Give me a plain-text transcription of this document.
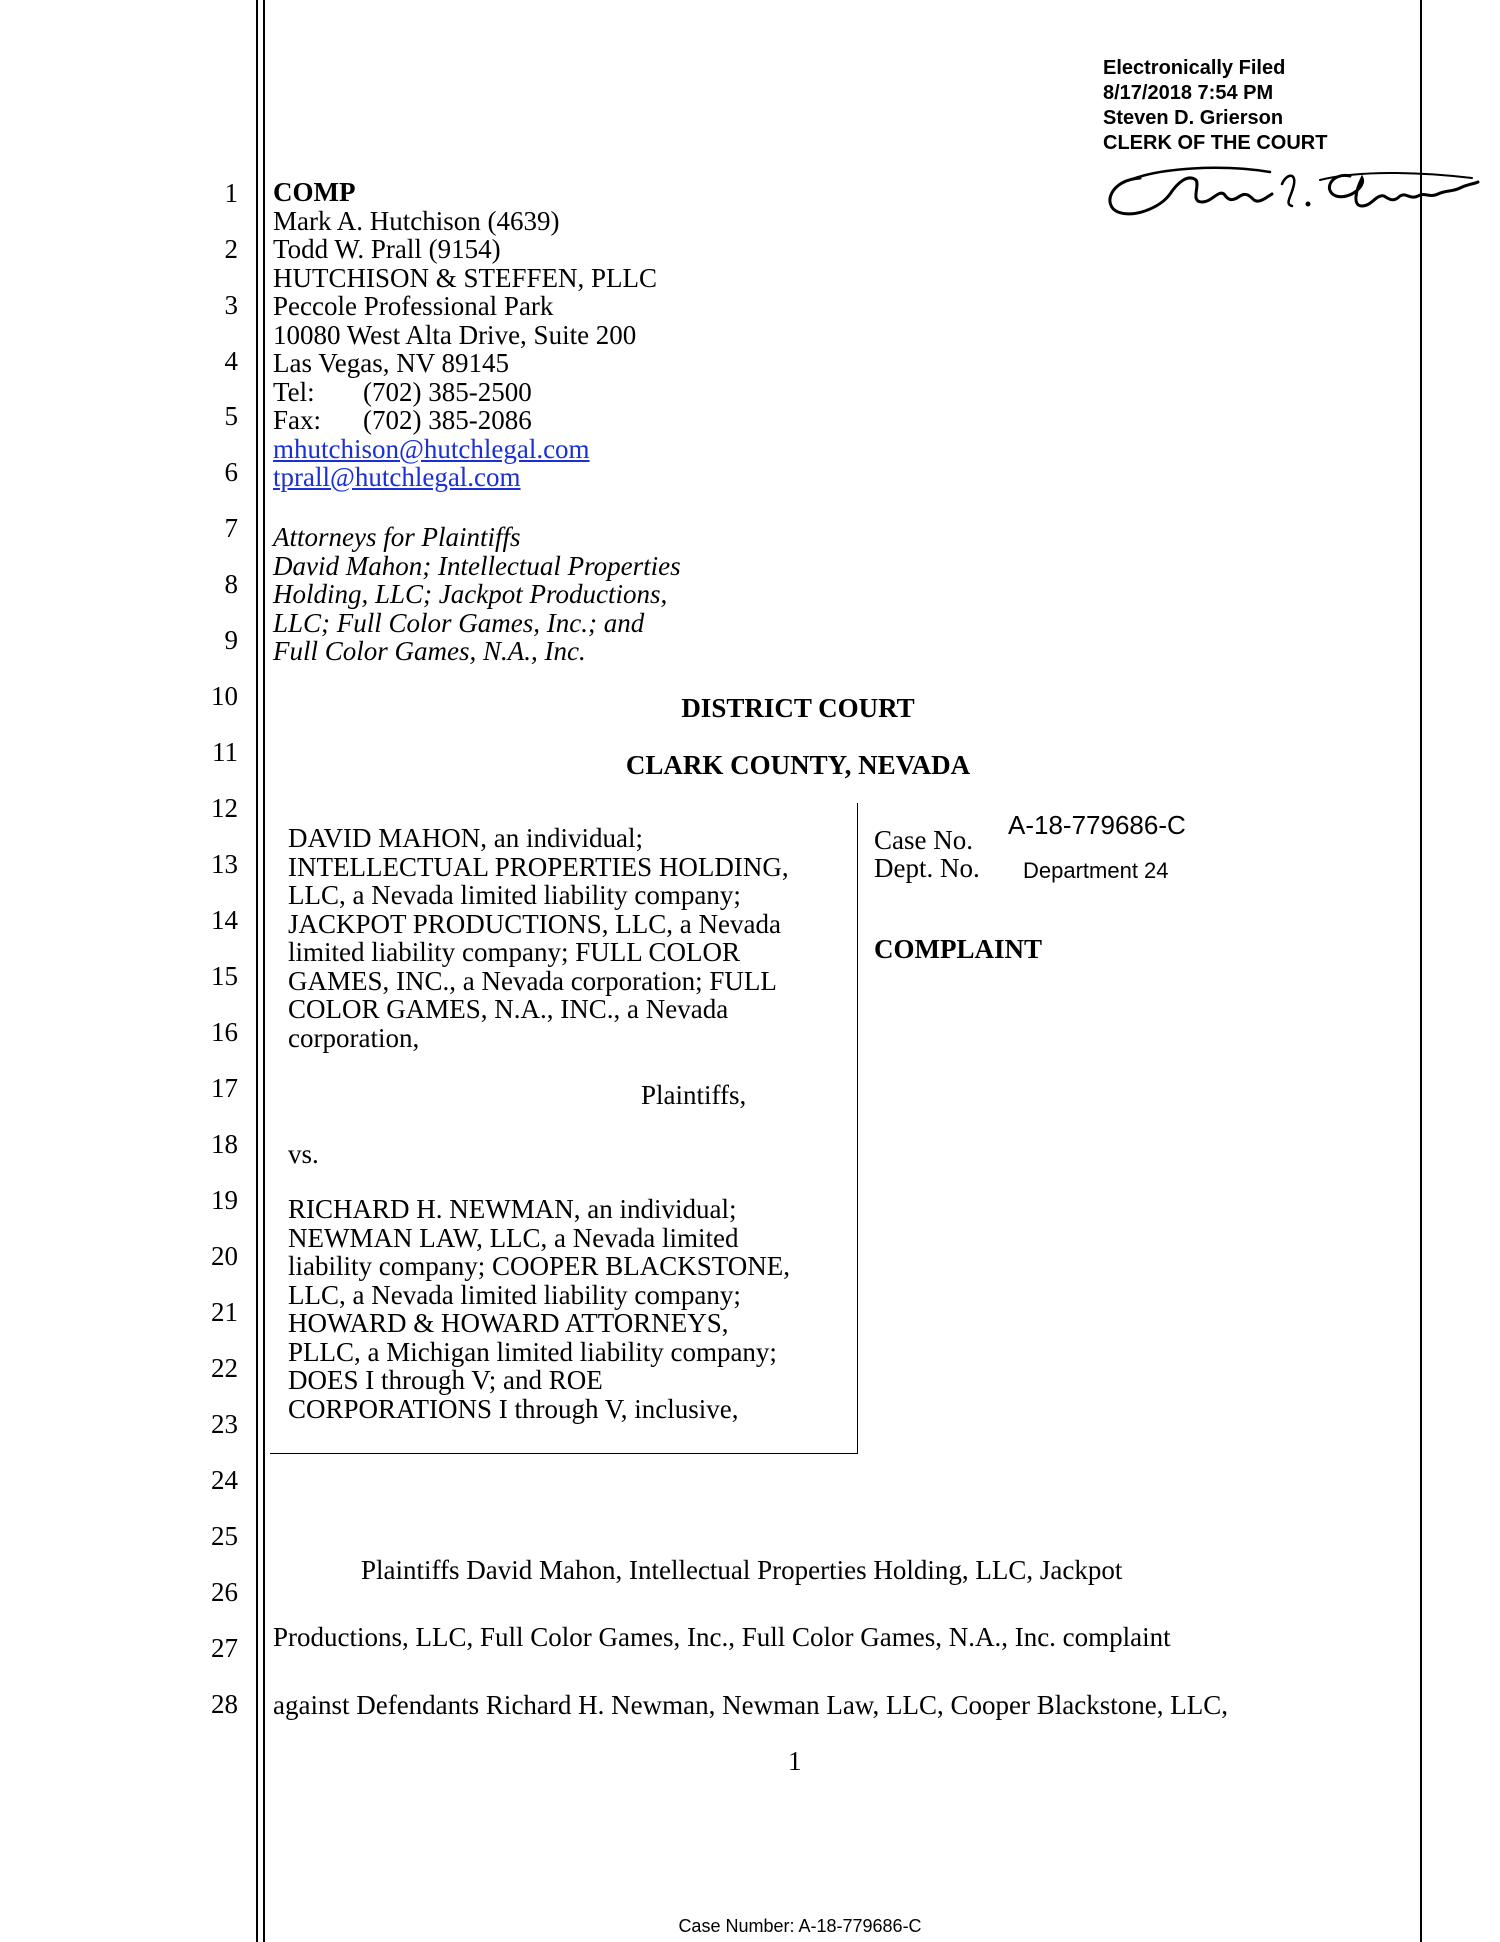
1
2
3
4
5
6
7
8
9
10
11
12
13
14
15
16
17
18
19
20
21
22
23
24
25
26
27
28
Electronically Filed
8/17/2018 7:54 PM
Steven D. Grierson
CLERK OF THE COURT
COMP
Mark A. Hutchison (4639)
Todd W. Prall (9154)
HUTCHISON & STEFFEN, PLLC
Peccole Professional Park
10080 West Alta Drive, Suite 200
Las Vegas, NV 89145
Tel: (702) 385-2500
Fax: (702) 385-2086
mhutchison@hutchlegal.com
tprall@hutchlegal.com
Attorneys for Plaintiffs
David Mahon; Intellectual Properties
Holding, LLC; Jackpot Productions,
LLC; Full Color Games, Inc.; and
Full Color Games, N.A., Inc.
DISTRICT COURT
CLARK COUNTY, NEVADA
DAVID MAHON, an individual;
INTELLECTUAL PROPERTIES HOLDING,
LLC, a Nevada limited liability company;
JACKPOT PRODUCTIONS, LLC, a Nevada
limited liability company; FULL COLOR
GAMES, INC., a Nevada corporation; FULL
COLOR GAMES, N.A., INC., a Nevada
corporation,
Plaintiffs,
vs.
RICHARD H. NEWMAN, an individual;
NEWMAN LAW, LLC, a Nevada limited
liability company; COOPER BLACKSTONE,
LLC, a Nevada limited liability company;
HOWARD & HOWARD ATTORNEYS,
PLLC, a Michigan limited liability company;
DOES I through V; and ROE
CORPORATIONS I through V, inclusive,
Case No. A-18-779686-C
Dept. No. Department 24
COMPLAINT
Plaintiffs David Mahon, Intellectual Properties Holding, LLC, Jackpot
Productions, LLC, Full Color Games, Inc., Full Color Games, N.A., Inc. complaint
against Defendants Richard H. Newman, Newman Law, LLC, Cooper Blackstone, LLC,
1
Case Number: A-18-779686-C
